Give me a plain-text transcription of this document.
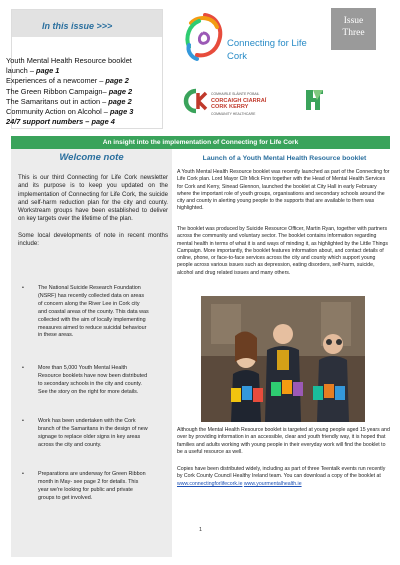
In this issue >>>
Youth Mental Health Resource booklet
launch – page 1
Experiences of a newcomer – page 2
The Green Ribbon Campaign– page 2
The Samaritans out in action – page 2
Community Action on Alcohol – page 3
24/7 support numbers – page 4
Connecting for Life
Cork
Issue
Three
COMHAIRLE SLÁINTE POBAIL
CORCAIGH CIARRAÍ
CORK KERRY
COMMUNITY HEALTHCARE
An insight into the implementation of Connecting for Life Cork
Welcome note

This is our third Connecting for Life Cork newsletter and its purpose is to keep you updated on the implementation of Connecting for Life Cork, the suicide and self-harm reduction plan for the city and county. Workstream groups have been established to deliver on key targets over the lifetime of the plan.

Some local developments of note in recent months include:

•	The National Suicide Research Foundation (NSRF) has recently collected data on areas of concern along the River Lee in Cork city and coastal areas of the county. This data was collected with the aim of locally implementing measures aimed to reduce suicidal behaviour in these areas.
•	More than 5,000 Youth Mental Health Resource booklets have now been distributed to secondary schools in the city and county. See the story on the right for more details.
•	Work has been undertaken with the Cork branch of the Samaritans in the design of new signage to replace older signs in key areas across the city and county.
•	Preparations are underway for Green Ribbon month in May- see page 2 for details. This year we're looking for public and private groups to get involved.
Launch of a Youth Mental Health Resource booklet
A Youth Mental Health Resource booklet was recently launched as part of the Connecting for Life Cork plan. Lord Mayor Cllr Mick Finn together with the Head of Mental Health Services for Cork and Kerry, Sinead Glennon, launched the booklet at City Hall in early February where the important role of youth groups, organisations and secondary schools around the city and county in alerting young people to the supports that are available to them was highlighted.
The booklet was produced by Suicide Resource Officer, Martin Ryan, together with partners across the community and voluntary sector. The booklet contains information regarding mental health in terms of what it is and ways of minding it, as highlighted by the Little Things Campaign. More importantly, the booklet features information about, and contact details of online, phone, or face-to-face services across the city and county which support young people across various issues such as depression, eating disorders, self-harm, suicide, alcohol and drug related issues and many others.
Although the Mental Health Resource booklet is targeted at young people aged 15 years and over by providing information in an accessible, clear and youth friendly way, it is hoped that families and adults working with young people in their everyday work will find the booklet to be a useful resource as well.
Copies have been distributed widely, including as part of three Teentalk events run recently by Cork County Council Healthy Ireland team. You can download a copy of the booklet at www.connectingforlifecork.ie www.yourmentalhealth.ie
1
